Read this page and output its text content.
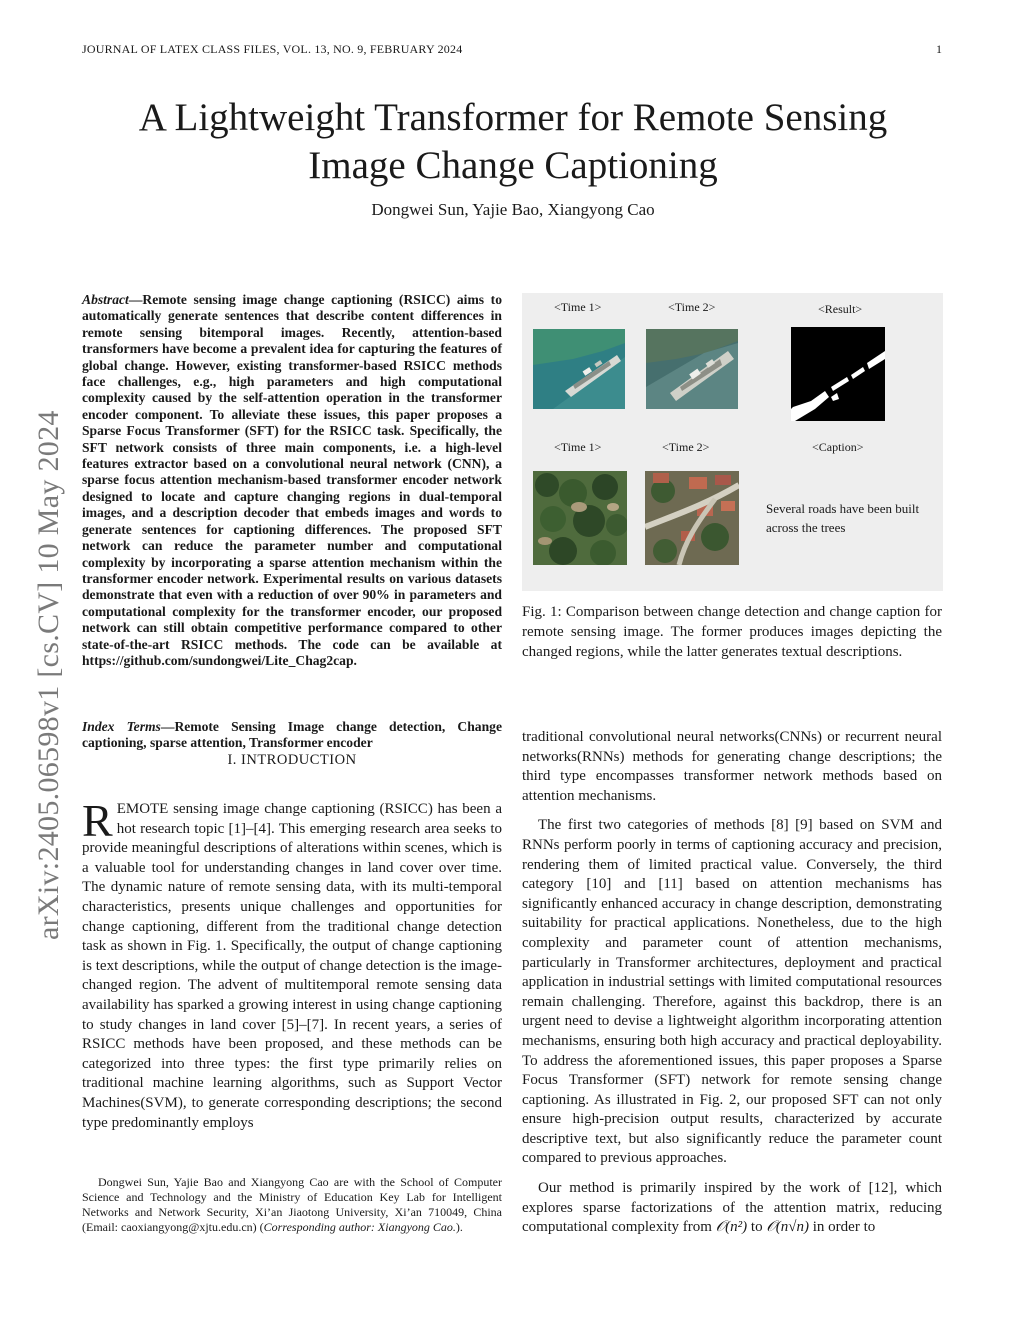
JOURNAL OF LATEX CLASS FILES, VOL. 13, NO. 9, FEBRUARY 2024	1
A Lightweight Transformer for Remote Sensing
Image Change Captioning
Dongwei Sun, Yajie Bao, Xiangyong Cao
arXiv:2405.06598v1 [cs.CV] 10 May 2024
Abstract—Remote sensing image change captioning (RSICC) aims to automatically generate sentences that describe content differences in remote sensing bitemporal images. Recently, attention-based transformers have become a prevalent idea for capturing the features of global change. However, existing transformer-based RSICC methods face challenges, e.g., high parameters and high computational complexity caused by the self-attention operation in the transformer encoder component. To alleviate these issues, this paper proposes a Sparse Focus Transformer (SFT) for the RSICC task. Specifically, the SFT network consists of three main components, i.e. a high-level features extractor based on a convolutional neural network (CNN), a sparse focus attention mechanism-based transformer encoder network designed to locate and capture changing regions in dual-temporal images, and a description decoder that embeds images and words to generate sentences for captioning differences. The proposed SFT network can reduce the parameter number and computational complexity by incorporating a sparse attention mechanism within the transformer encoder network. Experimental results on various datasets demonstrate that even with a reduction of over 90% in parameters and computational complexity for the transformer encoder, our proposed network can still obtain competitive performance compared to other state-of-the-art RSICC methods. The code can be available at https://github.com/sundongwei/Lite_Chag2cap.
Index Terms—Remote Sensing Image change detection, Change captioning, sparse attention, Transformer encoder
I. INTRODUCTION
REMOTE sensing image change captioning (RSICC) has been a hot research topic [1]–[4]. This emerging research area seeks to provide meaningful descriptions of alterations within scenes, which is a valuable tool for understanding changes in land cover over time. The dynamic nature of remote sensing data, with its multi-temporal characteristics, presents unique challenges and opportunities for change captioning, different from the traditional change detection task as shown in Fig. 1. Specifically, the output of change captioning is text descriptions, while the output of change detection is the image-changed region. The advent of multitemporal remote sensing data availability has sparked a growing interest in using change captioning to study changes in land cover [5]–[7]. In recent years, a series of RSICC methods have been proposed, and these methods can be categorized into three types: the first type primarily relies on traditional machine learning algorithms, such as Support Vector Machines(SVM), to generate corresponding descriptions; the second type predominantly employs
Dongwei Sun, Yajie Bao and Xiangyong Cao are with the School of Computer Science and Technology and the Ministry of Education Key Lab for Intelligent Networks and Network Security, Xi’an Jiaotong University, Xi’an 710049, China (Email: caoxiangyong@xjtu.edu.cn) (Corresponding author: Xiangyong Cao.).
<Time 1>	<Time 2>	<Result>
<Time 1>	<Time 2>	<Caption>
Several roads have been built across the trees
Fig. 1: Comparison between change detection and change caption for remote sensing image. The former produces images depicting the changed regions, while the latter generates textual descriptions.

traditional convolutional neural networks(CNNs) or recurrent neural networks(RNNs) methods for generating change descriptions; the third type encompasses transformer network methods based on attention mechanisms.

The first two categories of methods [8] [9] based on SVM and RNNs perform poorly in terms of captioning accuracy and precision, rendering them of limited practical value. Conversely, the third category [10] and [11] based on attention mechanisms has significantly enhanced accuracy in change description, demonstrating suitability for practical applications. Nonetheless, due to the high complexity and parameter count of attention mechanisms, particularly in Transformer architectures, deployment and practical application in industrial settings with limited computational resources remain challenging. Therefore, against this backdrop, there is an urgent need to devise a lightweight algorithm incorporating attention mechanisms, ensuring both high accuracy and practical deployability. To address the aforementioned issues, this paper proposes a Sparse Focus Transformer (SFT) network for remote sensing change captioning. As illustrated in Fig. 2, our proposed SFT can not only ensure high-precision output results, characterized by accurate descriptive text, but also significantly reduce the parameter count compared to previous approaches.

Our method is primarily inspired by the work of [12], which explores sparse factorizations of the attention matrix, reducing computational complexity from 𝒪(n²) to 𝒪(n√n) in order to
